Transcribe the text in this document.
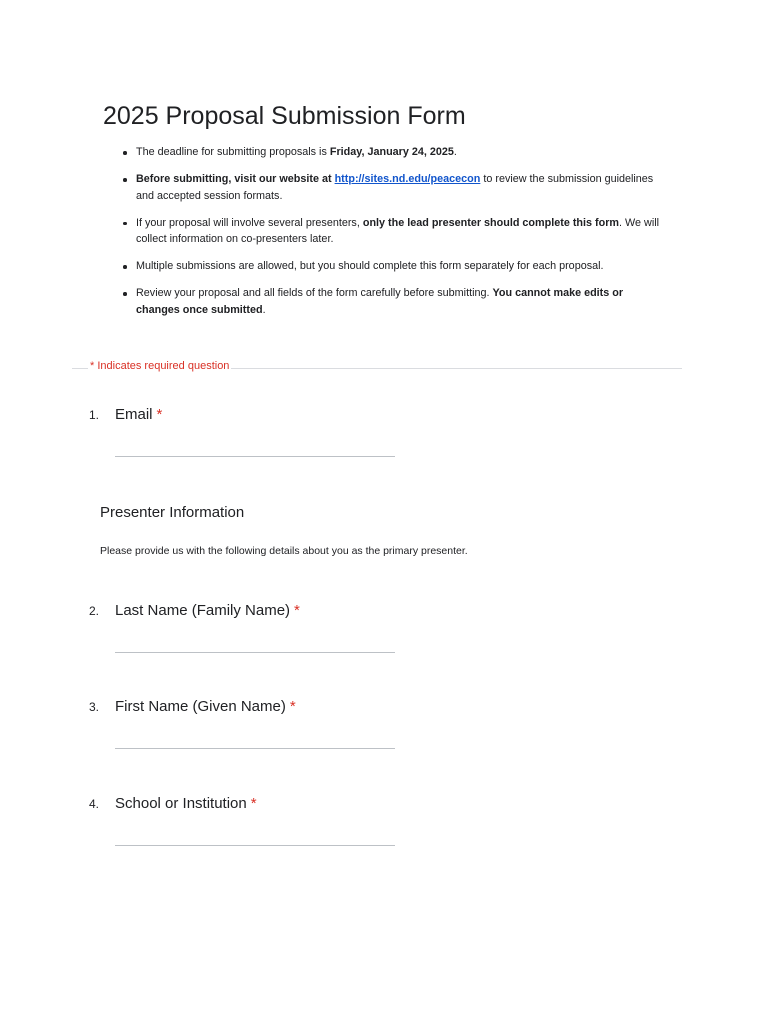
2025 Proposal Submission Form
The deadline for submitting proposals is Friday, January 24, 2025.
Before submitting, visit our website at http://sites.nd.edu/peacecon to review the submission guidelines and accepted session formats.
If your proposal will involve several presenters, only the lead presenter should complete this form. We will collect information on co-presenters later.
Multiple submissions are allowed, but you should complete this form separately for each proposal.
Review your proposal and all fields of the form carefully before submitting. You cannot make edits or changes once submitted.
* Indicates required question
1. Email *
Presenter Information

Please provide us with the following details about you as the primary presenter.

2. Last Name (Family Name) *
3. First Name (Given Name) *
4. School or Institution *
